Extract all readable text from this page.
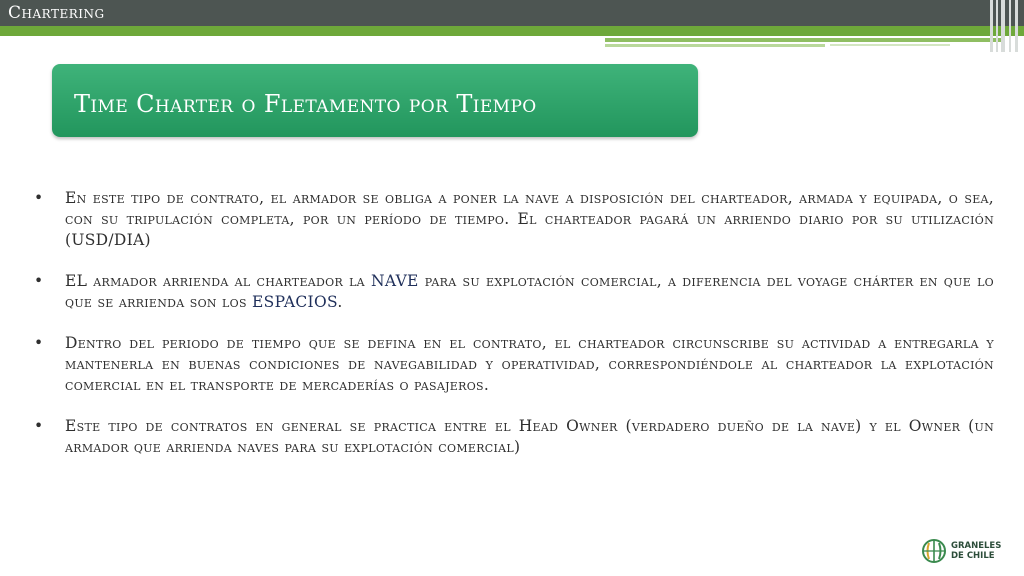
Chartering
Time Charter o Fletamento por Tiempo
•	En este tipo de contrato, el armador se obliga a poner la nave a disposición del charteador, armada y equipada, o sea, con su tripulación completa, por un período de tiempo. El charteador pagará un arriendo diario por su utilización (USD/DIA)
•	EL armador arrienda al charteador la NAVE para su explotación comercial, a diferencia del voyage chárter en que lo que se arrienda son los ESPACIOS.
•	Dentro del periodo de tiempo que se defina en el contrato, el charteador circunscribe su actividad a entregarla y mantenerla en buenas condiciones de navegabilidad y operatividad, correspondiéndole al charteador la explotación comercial en el transporte de mercaderías o pasajeros.
•	Este tipo de contratos en general se practica entre el Head Owner (verdadero dueño de la nave) y el Owner (un armador que arrienda naves para su explotación comercial)
GRANELES
DE CHILE
